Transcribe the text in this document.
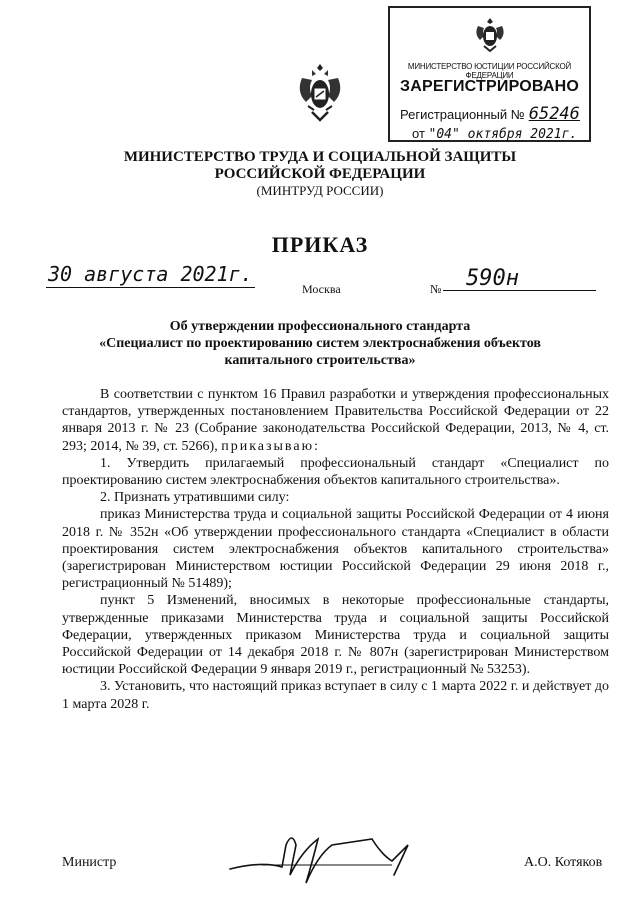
МИНИСТЕРСТВО ЮСТИЦИИ РОССИЙСКОЙ ФЕДЕРАЦИИ
ЗАРЕГИСТРИРОВАНО
Регистрационный № 65246
от "04" октября 2021г.
МИНИСТЕРСТВО ТРУДА И СОЦИАЛЬНОЙ ЗАЩИТЫ
РОССИЙСКОЙ ФЕДЕРАЦИИ
(МИНТРУД РОССИИ)
ПРИКАЗ
30 августа 2021г.
Москва	№ 590н
Об утверждении профессионального стандарта
«Специалист по проектированию систем электроснабжения объектов
капитального строительства»

В соответствии с пунктом 16 Правил разработки и утверждения профессиональных стандартов, утвержденных постановлением Правительства Российской Федерации от 22 января 2013 г. № 23 (Собрание законодательства Российской Федерации, 2013, № 4, ст. 293; 2014, № 39, ст. 5266), приказываю:

1. Утвердить прилагаемый профессиональный стандарт «Специалист по проектированию систем электроснабжения объектов капитального строительства».

2. Признать утратившими силу:

приказ Министерства труда и социальной защиты Российской Федерации от 4 июня 2018 г. № 352н «Об утверждении профессионального стандарта «Специалист в области проектирования систем электроснабжения объектов капитального строительства» (зарегистрирован Министерством юстиции Российской Федерации 29 июня 2018 г., регистрационный № 51489);

пункт 5 Изменений, вносимых в некоторые профессиональные стандарты, утвержденные приказами Министерства труда и социальной защиты Российской Федерации, утвержденных приказом Министерства труда и социальной защиты Российской Федерации от 14 декабря 2018 г. № 807н (зарегистрирован Министерством юстиции Российской Федерации 9 января 2019 г., регистрационный № 53253).

3. Установить, что настоящий приказ вступает в силу с 1 марта 2022 г. и действует до 1 марта 2028 г.

Министр	А.О. Котяков
